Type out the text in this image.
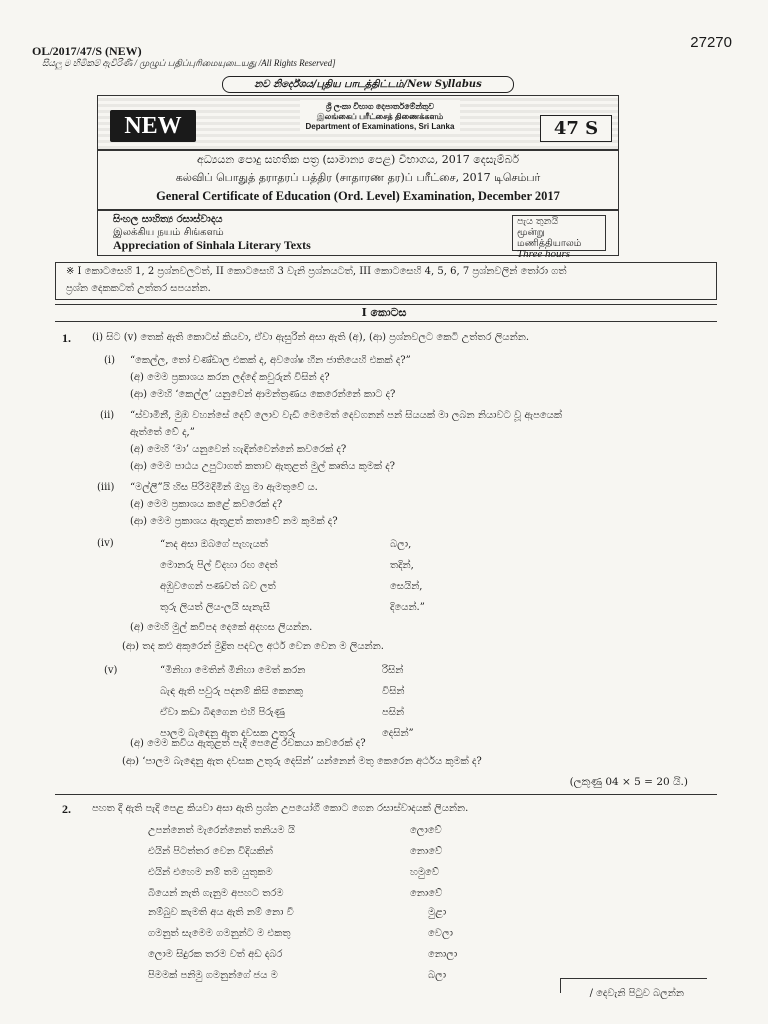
OL/2017/47/S (NEW)
සියලු ම හිමිකම් ඇවිරිණි / முழுப் பதிப்புரிமையுடையது /All Rights Reserved]
27270
නව නිර්දේශය/புதிய பாடத்திட்டம்/New Syllabus
NEW
ශ්‍රී ලංකා විභාග දෙපාර්තමේන්තුව
இலங்கைப் பரீட்சைத் திணைக்களம்
Department of Examinations, Sri Lanka	47 S
අධ්‍යයන පොදු සහතික පත්‍ර (සාමාන්‍ය පෙළ) විභාගය, 2017 දෙසැම්බර්
கல்விப் பொதுத் தராதரப் பத்திர (சாதாரண தர)ப் பரீட்சை, 2017 டிசெம்பர்
General Certificate of Education (Ord. Level) Examination, December 2017
සිංහල සාහිත්‍ය රසාස්වාදය
இலக்கிய நயம் சிங்களம்
Appreciation of Sinhala Literary Texts
පැය තුනයි
மூன்று மணித்தியாலம்
Three hours
※ I කොටසෙහි 1, 2 ප්‍රශ්නවලටත්, II කොටසෙහි 3 වැනි ප්‍රශ්නයටත්, III කොටසෙහි 4, 5, 6, 7 ප්‍රශ්නවලින් තෝරා ගත්
ප්‍රශ්න දෙකකටත් උත්තර සපයන්න.
I කොටස
1. (i) සිට (v) තෙක් ඇති කොටස් කියවා, ඒවා ඇසුරින් අසා ඇති (අ), (ආ) ප්‍රශ්නවලට කෙටි උත්තර ලියන්න.
(i) “කෙල්ල, තෝ චණ්ඩාල එකක් ද, අවශේෂ හීන ජාතියෙහි එකක් ද?”
(අ) මෙම ප්‍රකාශය කරන ලද්දේ කවුරුන් විසින් ද?
(ආ) මෙහි ‘කෙල්ල’ යනුවෙන් ආමන්ත්‍රණය කෙරෙන්නේ කාට ද?
(ii) “ස්වාමිනී, මුඹ වහන්සේ දෙව් ලොව වැඩි මෙමෙත් දෙවගනන් පන් සියයක් මා ලබන නියාවට වූ ඇපයෙක්
ඇත්තේ වේ ද,”
(අ) මෙහි ‘මා’ යනුවෙන් හැඳින්වෙන්නේ කවරෙක් ද?
(ආ) මෙම පාඨය උපුටාගත් කතාව ඇතුළත් මුල් කෘතිය කුමක් ද?
(iii) “මල්ලී”යි හිස පිරිමදිමින් ඔහු මා ඇමතුවේ ය.
(අ) මෙම ප්‍රකාශය කළේ කවරෙක් ද?
(ආ) මෙම ප්‍රකාශය ඇතුළත් කතාවේ නම කුමක් ද?
(iv)	“නද අසා ඔබගේ පැහැයත්	බලා,
මොනරු පිල් විදහා රඟ දෙත්	තදින්,
අඹුවගෙන් පණවත් බව ලත්	සෙයින්,
තුරු ලියත් ලිය-ලයි සැනැසී	දියෙන්.”
(අ) මෙහි මුල් කවිපද දෙකේ අදහස ලියන්න.
(ආ) තද කළු අකුරෙන් මුද්‍රිත පදවල අර්ථ වෙන වෙන ම ලියන්න.
(v)	“මිනිහා මෙතින් මිනිහා මෙත් කරන	රිසින්
බැඳ ඇති පවුරු පදනම් කිසි කෙනකු	විසින්
ඒවා කඩා බිඳගෙන එහි පිරුණු	පසින්
පාලම බැඳෙනු ඇත දවසක උතුරු	දෙසින්”
(අ) මෙම කවිය ඇතුළත් පැදි පෙළේ රචකයා කවරෙක් ද?
(ආ) ‘පාලම බැඳෙනු ඇත දවසක උතුරු දෙසින්’ යන්නෙන් මතු කෙරෙන අර්ථය කුමක් ද?
(ලකුණු 04 × 5 = 20 යි.)
2. පහත දී ඇති පැදි පෙළ කියවා අසා ඇති ප්‍රශ්න උපයෝගී කොට ගෙන රසාස්වාදයක් ලියන්න.
උපන්නෙත් මැරෙන්නෙත් තනියම යි	ලොවේ
එයින් පිටත්තර වෙන විදියකින්	නොවේ
එයින් එහෙම නම් තම යුතුකම	හමුවේ
බියෙන් නැති ගැනුම අපහට තරම	නොවේ
නම්බුව කැමති අය ඇති නම් නො වී	මුළා
ගමනුත් සැමෙම ගමනුන්ට ම එකතු	වෙලා
ලොම සිදුරක තරම වත් අඩ දබර	නොලා
පිමමක් පනිමු ගමනුන්ගේ ජය ම	බලා
/ දෙවැනි පිටුව බලන්න
